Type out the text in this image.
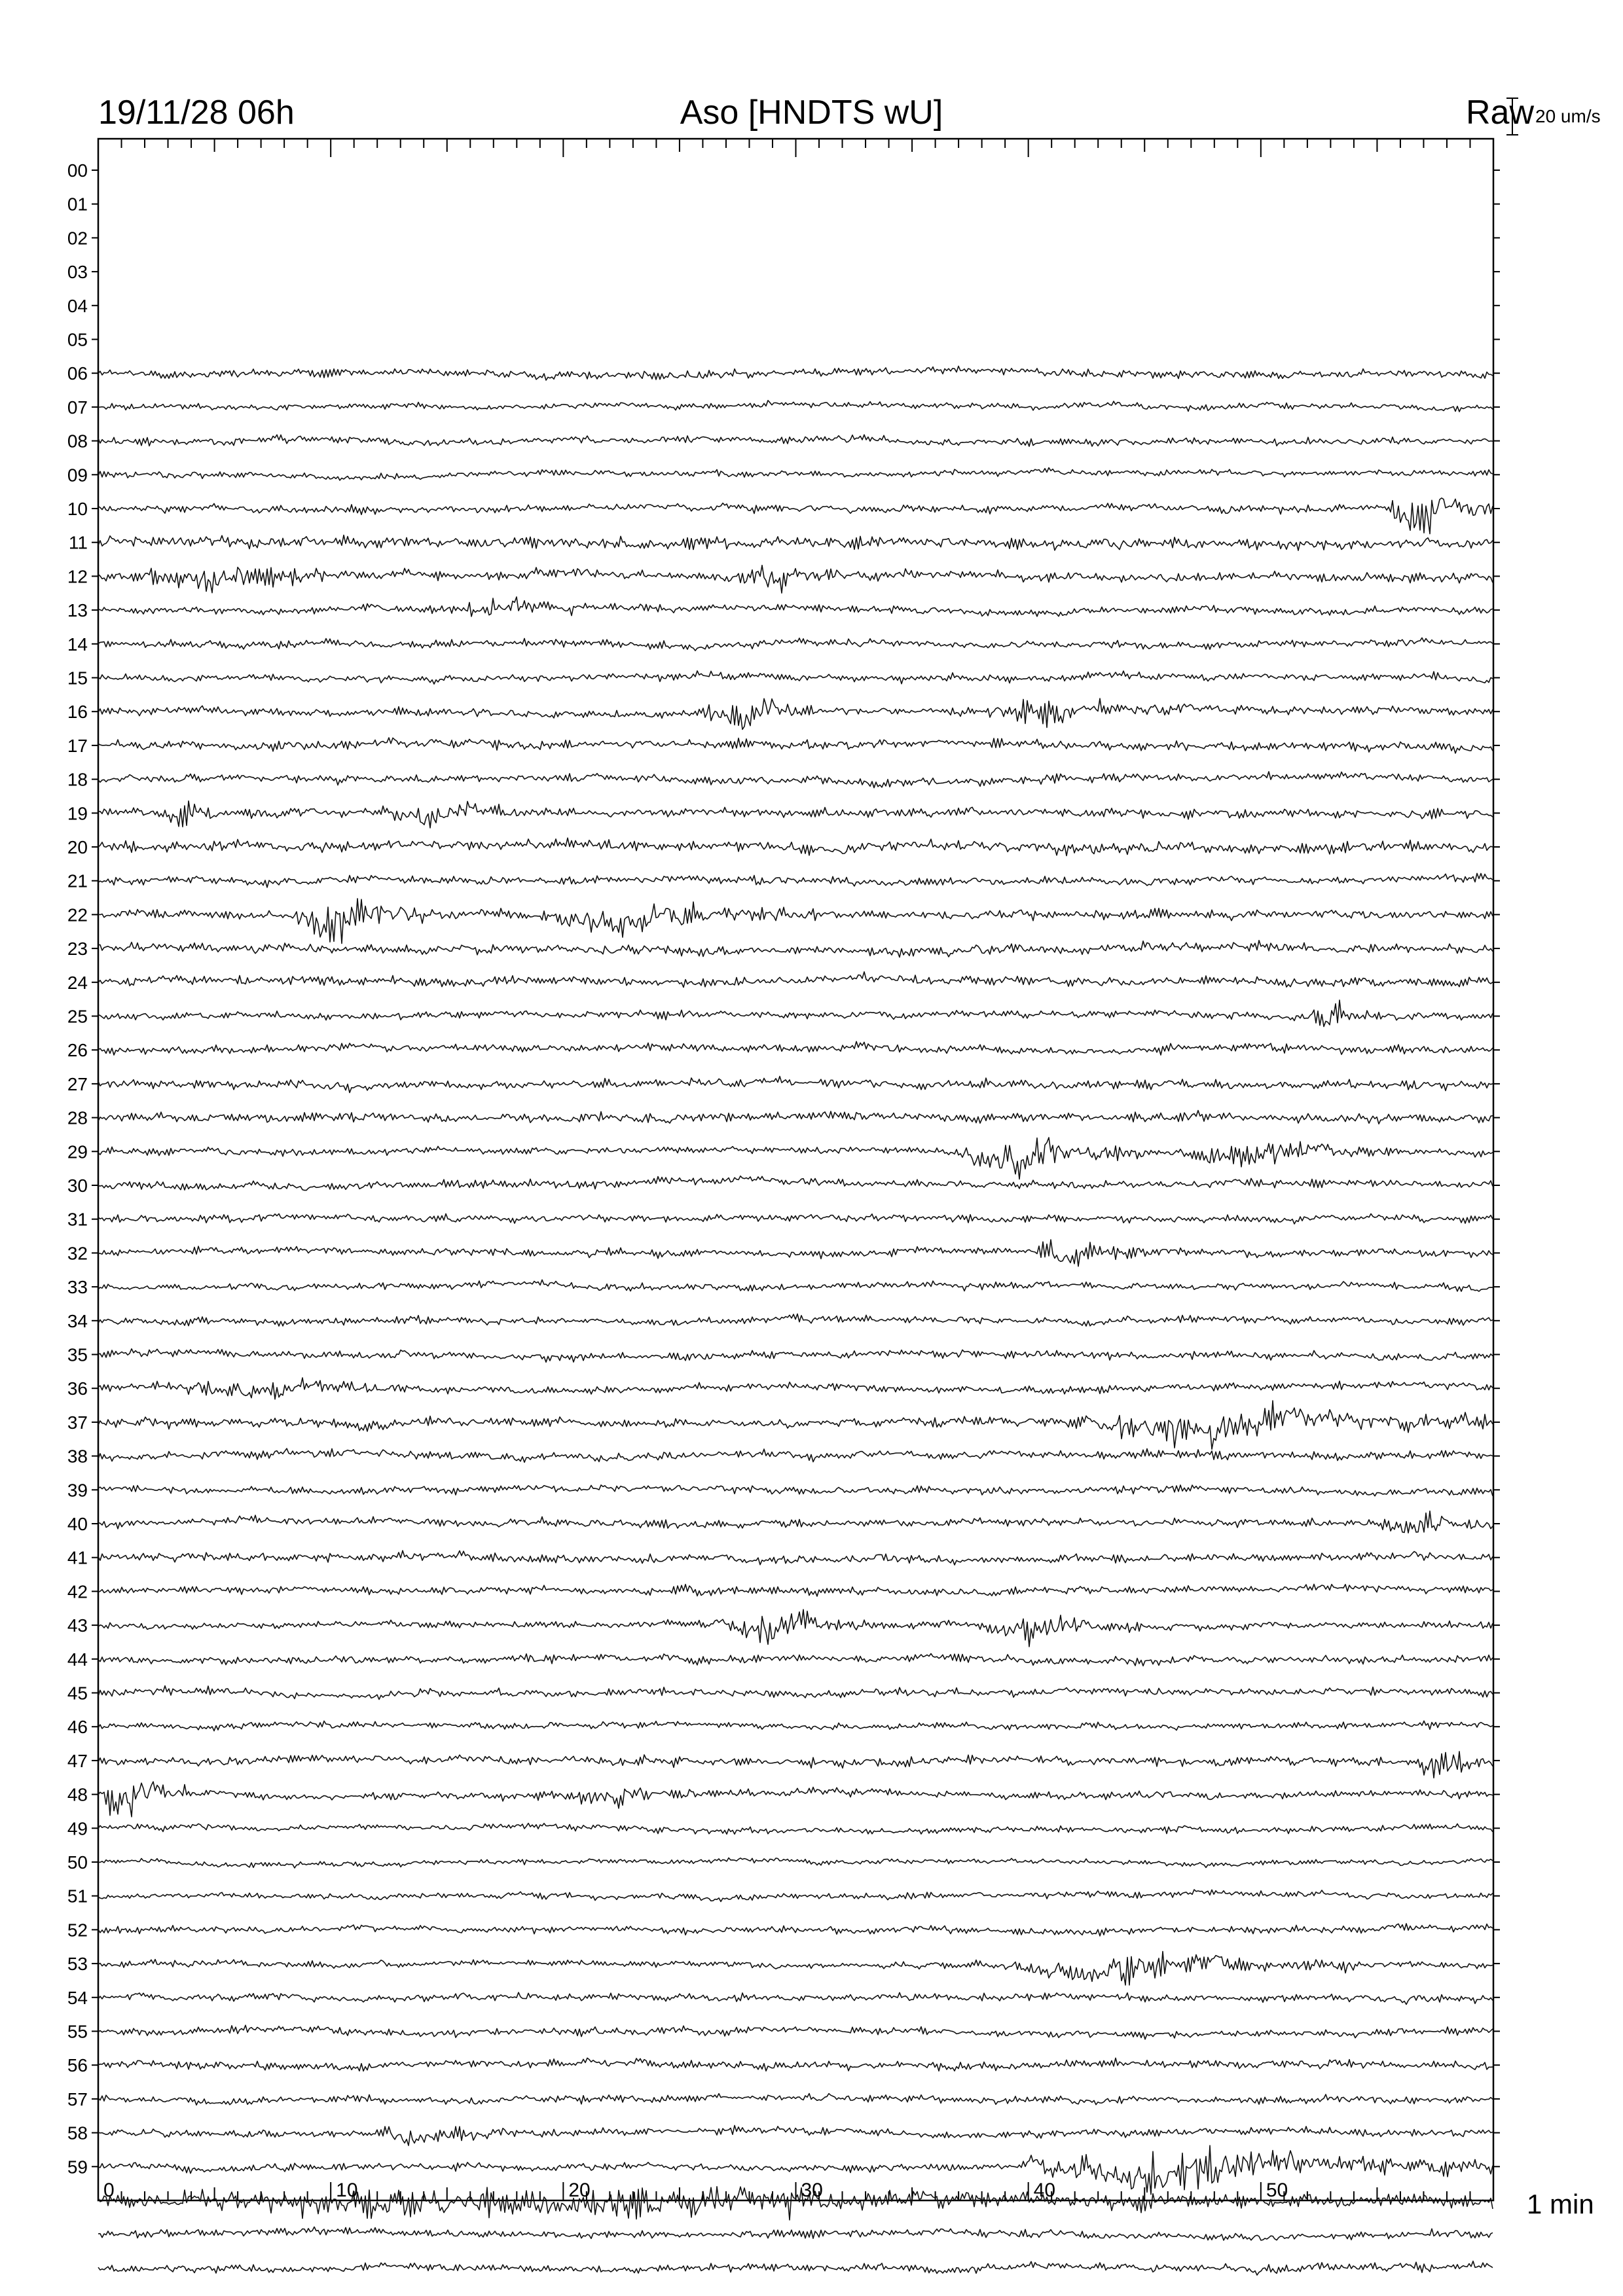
19/11/28 06h	Aso [HNDTS wU]	Raw 20 um/s
1 min
00
01
02
03
04
05
06
07
08
09
10
11
12
13
14
15
16
17
18
19
20
21
22
23
24
25
26
27
28
29
30
31
32
33
34
35
36
37
38
39
40
41
42
43
44
45
46
47
48
49
50
51
52
53
54
55
56
57
58
59
0	10	20	30	40	50
